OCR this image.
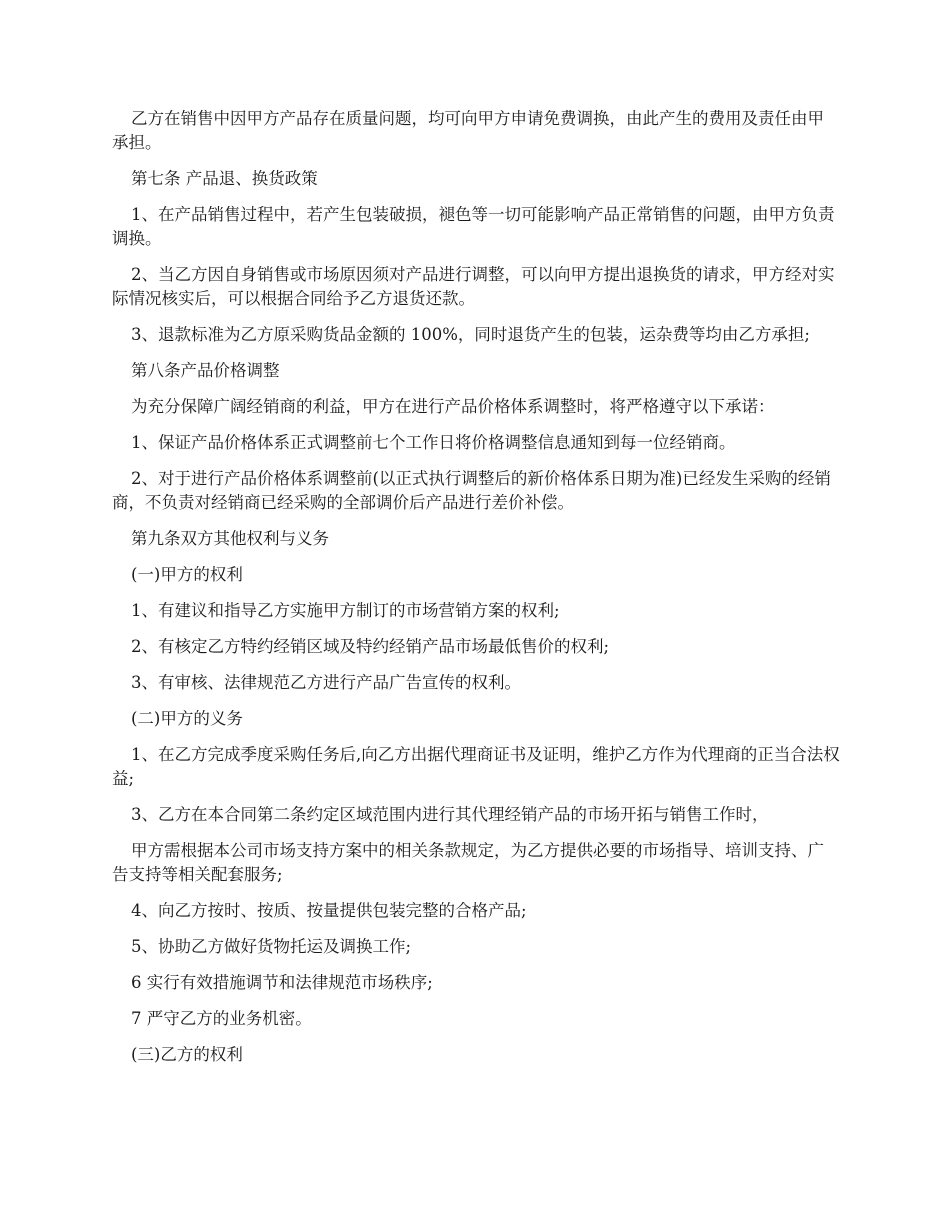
乙方在销售中因甲方产品存在质量问题，均可向甲方申请免费调换，由此产生的费用及责任由甲承担。

第七条 产品退、换货政策

1、在产品销售过程中，若产生包装破损，褪色等一切可能影响产品正常销售的问题，由甲方负责调换。

2、当乙方因自身销售或市场原因须对产品进行调整，可以向甲方提出退换货的请求，甲方经对实际情况核实后，可以根据合同给予乙方退货还款。

3、退款标准为乙方原采购货品金额的 100%，同时退货产生的包装，运杂费等均由乙方承担;

第八条产品价格调整

为充分保障广阔经销商的利益，甲方在进行产品价格体系调整时，将严格遵守以下承诺：

1、保证产品价格体系正式调整前七个工作日将价格调整信息通知到每一位经销商。

2、对于进行产品价格体系调整前(以正式执行调整后的新价格体系日期为准)已经发生采购的经销商，不负责对经销商已经采购的全部调价后产品进行差价补偿。

第九条双方其他权利与义务

(一)甲方的权利

1、有建议和指导乙方实施甲方制订的市场营销方案的权利;

2、有核定乙方特约经销区域及特约经销产品市场最低售价的权利;

3、有审核、法律规范乙方进行产品广告宣传的权利。

(二)甲方的义务

1、在乙方完成季度采购任务后,向乙方出据代理商证书及证明，维护乙方作为代理商的正当合法权益;

3、乙方在本合同第二条约定区域范围内进行其代理经销产品的市场开拓与销售工作时，

甲方需根据本公司市场支持方案中的相关条款规定，为乙方提供必要的市场指导、培训支持、广告支持等相关配套服务;

4、向乙方按时、按质、按量提供包装完整的合格产品;

5、协助乙方做好货物托运及调换工作;

6 实行有效措施调节和法律规范市场秩序;

7 严守乙方的业务机密。

(三)乙方的权利
